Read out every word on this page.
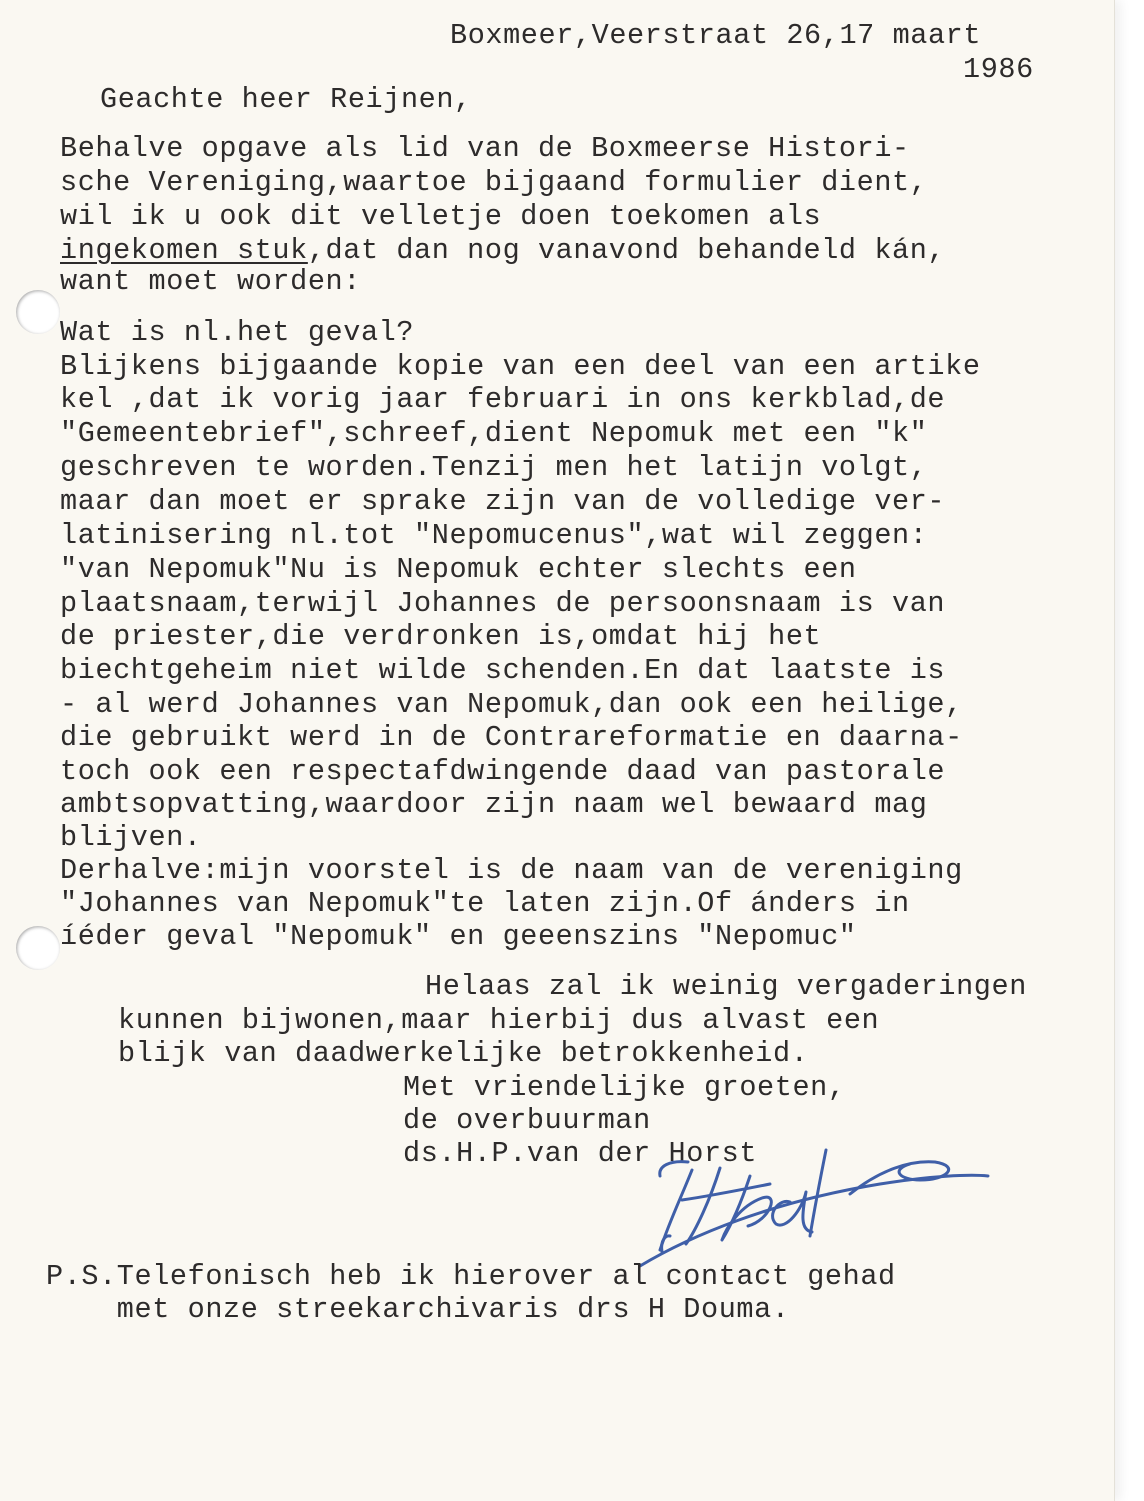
Boxmeer,Veerstraat 26,17 maart

1986

Geachte heer Reijnen,

Behalve opgave als lid van de Boxmeerse Histori-

sche Vereniging,waartoe bijgaand formulier dient,

wil ik u ook dit velletje doen toekomen als

ingekomen stuk,dat dan nog vanavond behandeld kán,

want moet worden:

Wat is nl.het geval?

Blijkens bijgaande kopie van een deel van een artike

kel ,dat ik vorig jaar februari in ons kerkblad,de

"Gemeentebrief",schreef,dient Nepomuk met een "k"

geschreven te worden.Tenzij men het latijn volgt,

maar dan moet er sprake zijn van de volledige ver-

latinisering nl.tot "Nepomucenus",wat wil zeggen:

"van Nepomuk"Nu is Nepomuk echter slechts een

plaatsnaam,terwijl Johannes de persoonsnaam is van

de priester,die verdronken is,omdat hij het

biechtgeheim niet wilde schenden.En dat laatste is

- al werd Johannes van Nepomuk,dan ook een heilige,

die gebruikt werd in de Contrareformatie en daarna-

toch ook een respectafdwingende daad van pastorale

ambtsopvatting,waardoor zijn naam wel bewaard mag

blijven.

Derhalve:mijn voorstel is de naam van de vereniging

"Johannes van Nepomuk"te laten zijn.Of ánders in

íéder geval "Nepomuk" en geeenszins "Nepomuc"

Helaas zal ik weinig vergaderingen

kunnen bijwonen,maar hierbij dus alvast een

blijk van daadwerkelijke betrokkenheid.

Met vriendelijke groeten,

de overbuurman

ds.H.P.van der Horst

P.S.Telefonisch heb ik hierover al contact gehad

met onze streekarchivaris drs H Douma.
